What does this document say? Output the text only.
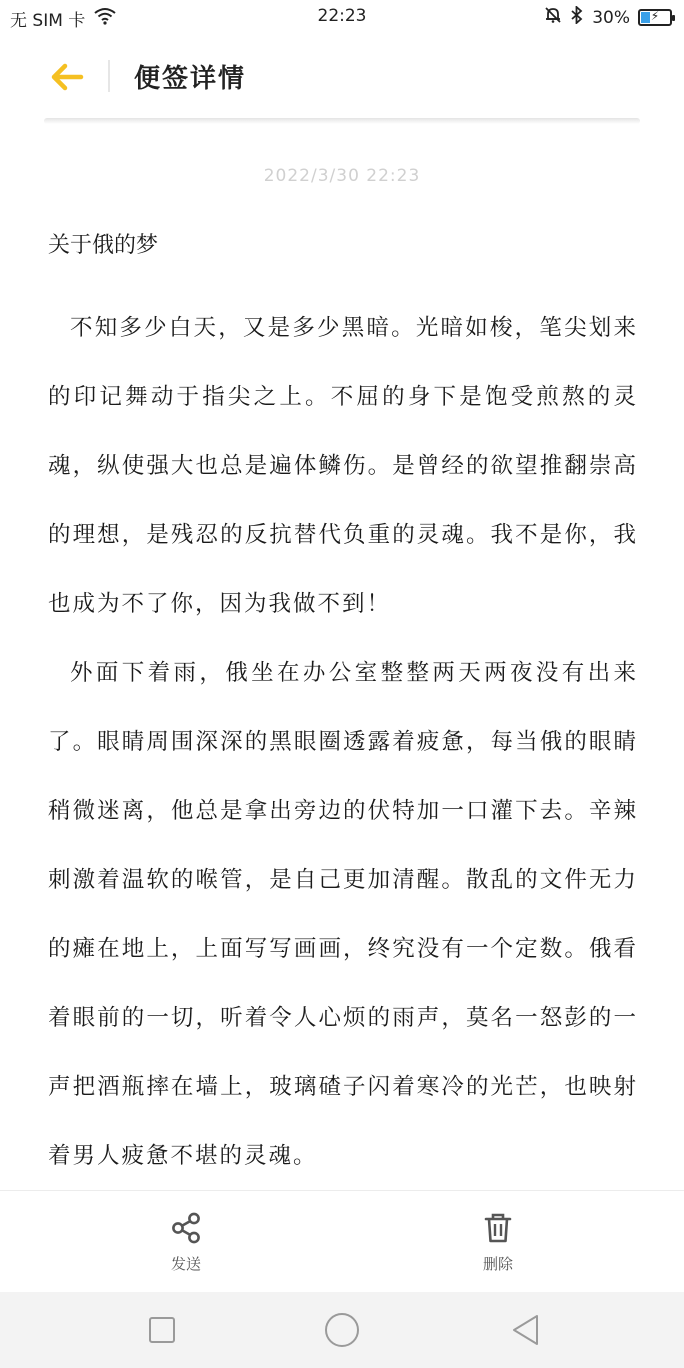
无 SIM 卡	22:23	30%	⚡
便签详情
2022/3/30 22:23
关于俄的梦

不知多少白天，又是多少黑暗。光暗如梭，笔尖划来的印记舞动于指尖之上。不屈的身下是饱受煎熬的灵魂，纵使强大也总是遍体鳞伤。是曾经的欲望推翻崇高的理想，是残忍的反抗替代负重的灵魂。我不是你，我也成为不了你，因为我做不到！

外面下着雨，俄坐在办公室整整两天两夜没有出来了。眼睛周围深深的黑眼圈透露着疲惫，每当俄的眼睛稍微迷离，他总是拿出旁边的伏特加一口灌下去。辛辣刺激着温软的喉管，是自己更加清醒。散乱的文件无力的瘫在地上，上面写写画画，终究没有一个定数。俄看着眼前的一切，听着令人心烦的雨声，莫名一怒彭的一声把酒瓶摔在墙上，玻璃碴子闪着寒冷的光芒，也映射着男人疲惫不堪的灵魂。

发送	删除
